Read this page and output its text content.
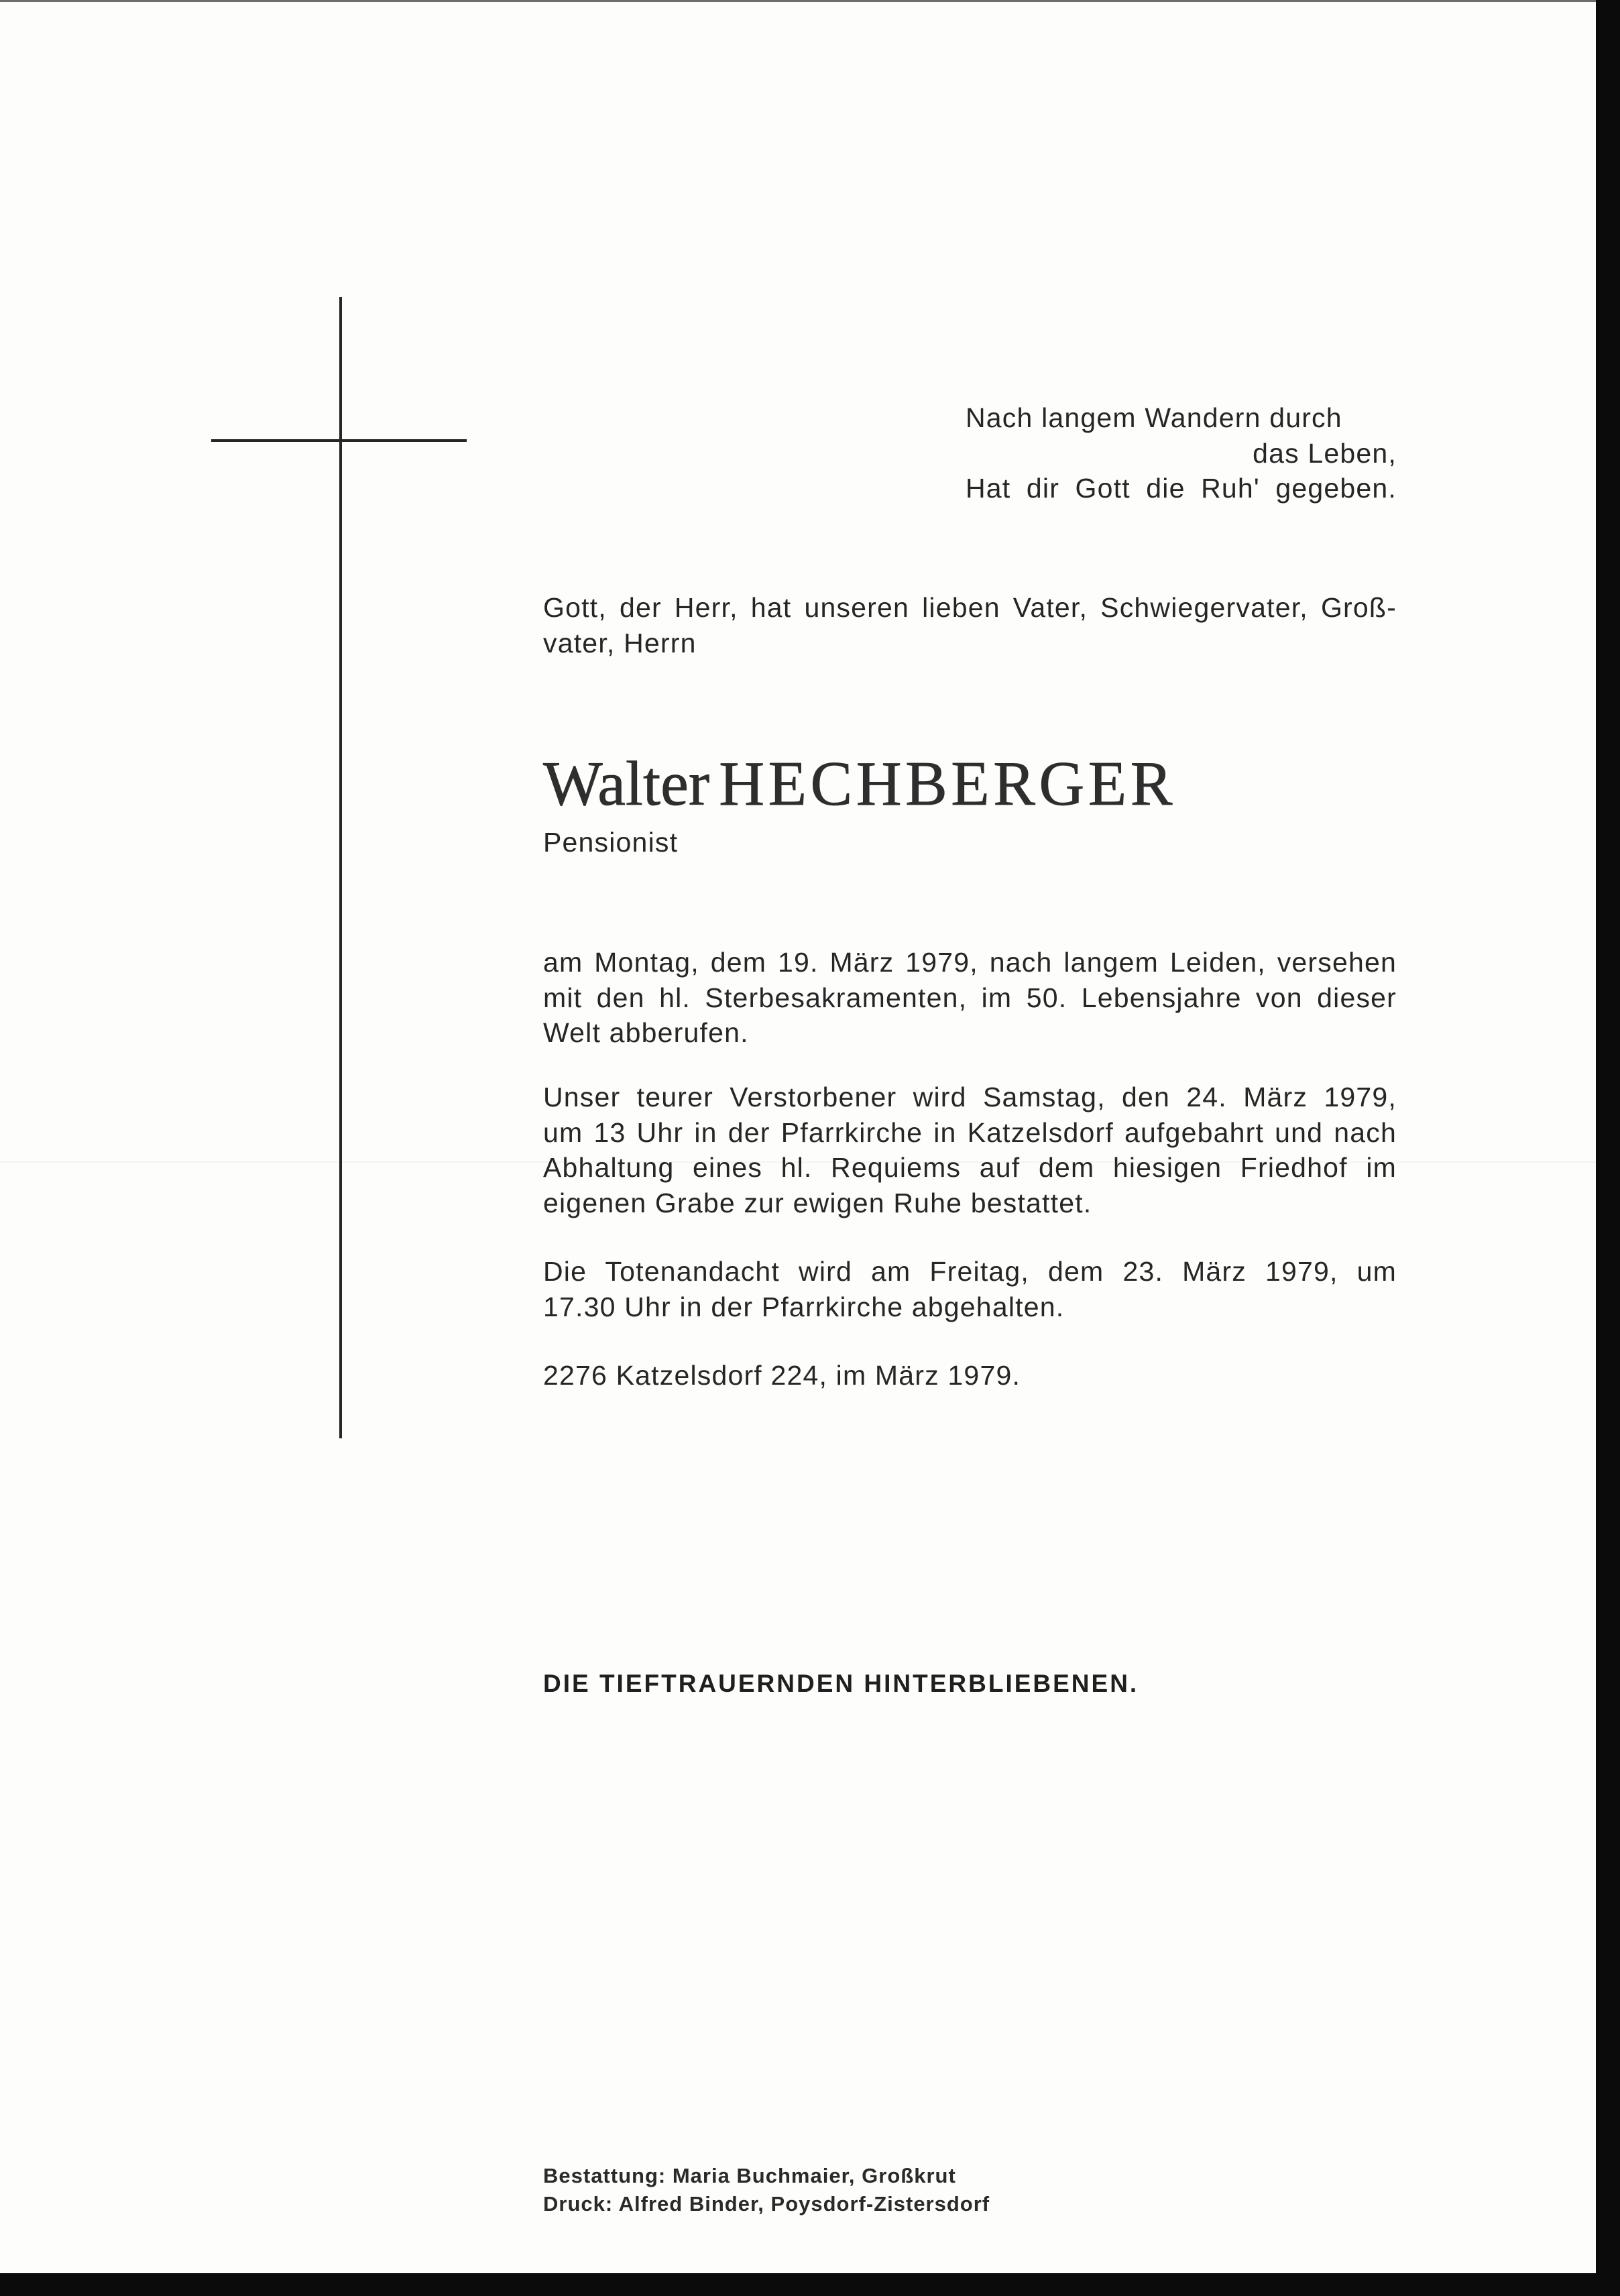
Nach langem Wandern durch
das Leben,
Hat dir Gott die Ruh' gegeben.
Gott, der Herr, hat unseren lieben Vater, Schwiegervater, Groß-
vater, Herrn
Walter HECHBERGER
Pensionist
am Montag, dem 19. März 1979, nach langem Leiden, versehen
mit den hl. Sterbesakramenten, im 50. Lebensjahre von dieser
Welt abberufen.
Unser teurer Verstorbener wird Samstag, den 24. März 1979,
um 13 Uhr in der Pfarrkirche in Katzelsdorf aufgebahrt und nach
Abhaltung eines hl. Requiems auf dem hiesigen Friedhof im
eigenen Grabe zur ewigen Ruhe bestattet.
Die Totenandacht wird am Freitag, dem 23. März 1979, um
17.30 Uhr in der Pfarrkirche abgehalten.
2276 Katzelsdorf 224, im März 1979.
DIE TIEFTRAUERNDEN HINTERBLIEBENEN.
Bestattung: Maria Buchmaier, Großkrut
Druck: Alfred Binder, Poysdorf-Zistersdorf
